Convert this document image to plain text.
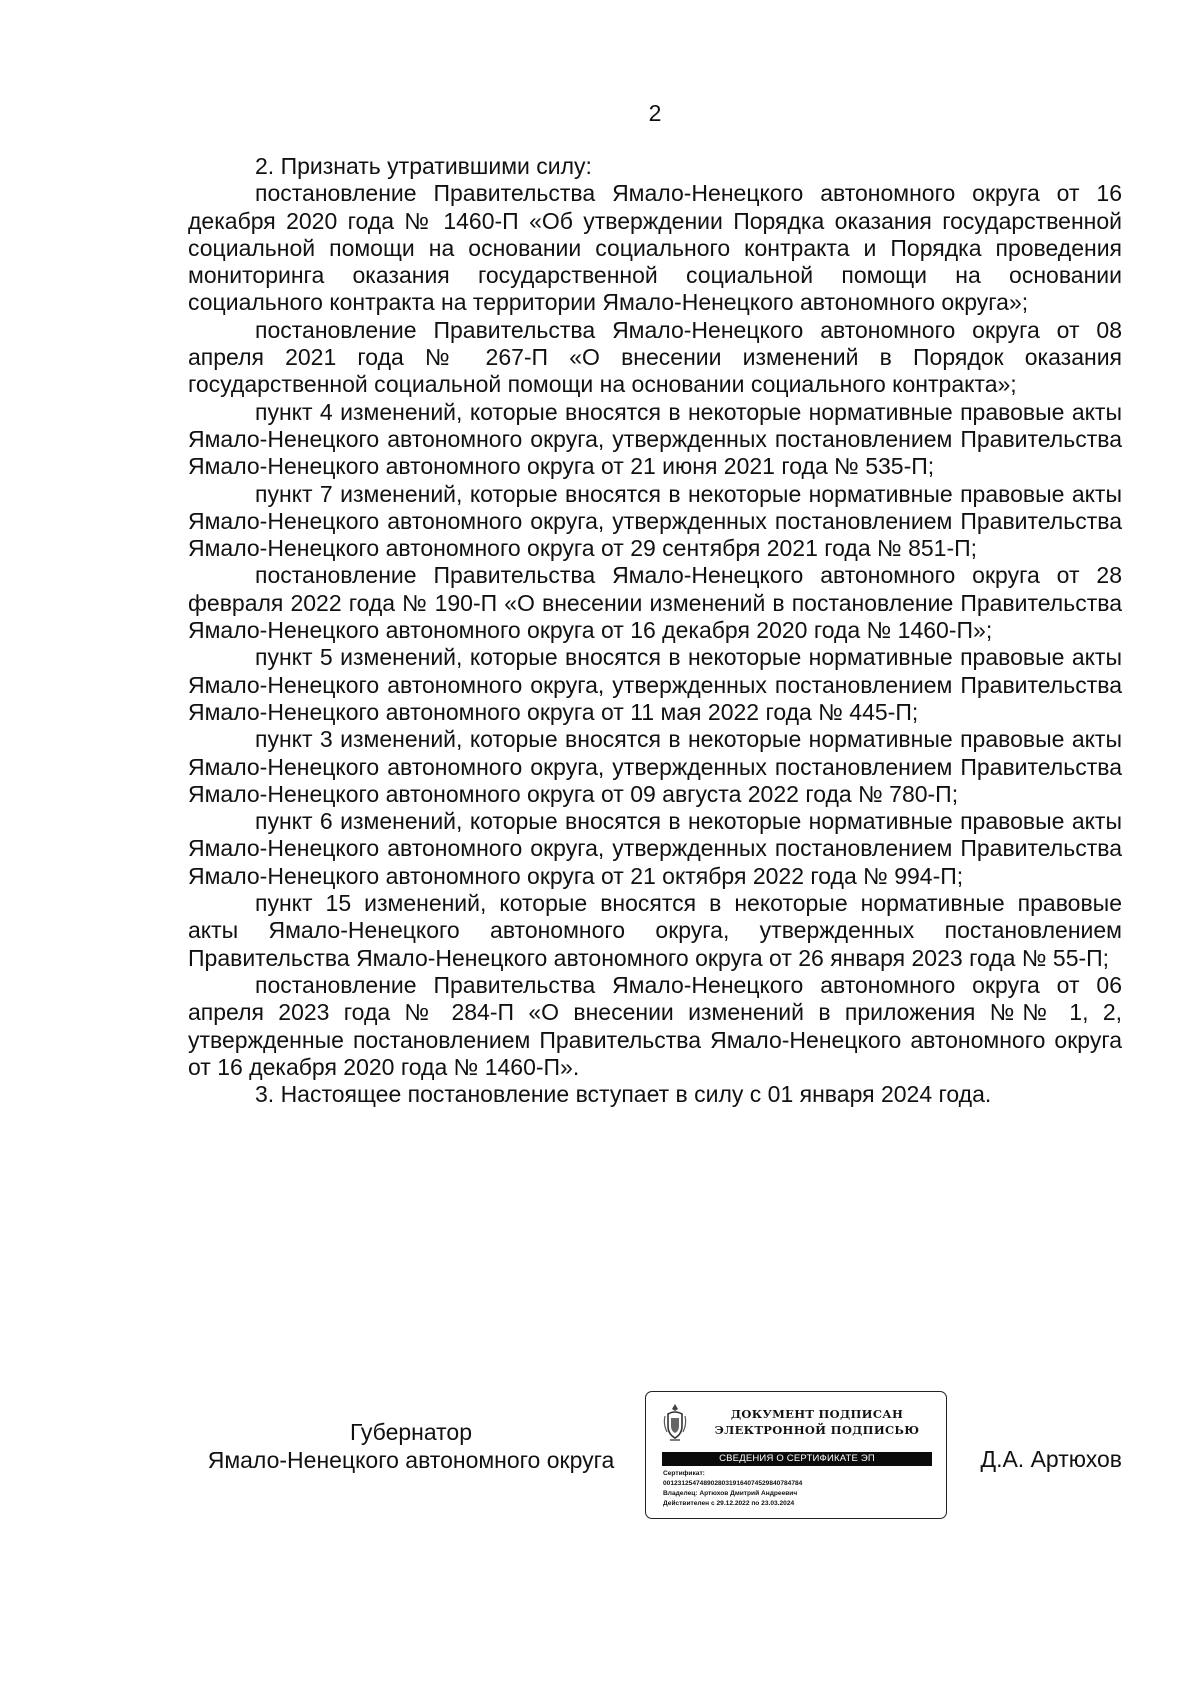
2

2. Признать утратившими силу:

постановление Правительства Ямало-Ненецкого автономного округа от 16 декабря 2020 года № 1460-П «Об утверждении Порядка оказания государственной социальной помощи на основании социального контракта и Порядка проведения мониторинга оказания государственной социальной помощи на основании социального контракта на территории Ямало-Ненецкого автономного округа»;

постановление Правительства Ямало-Ненецкого автономного округа от 08 апреля 2021 года № 267-П «О внесении изменений в Порядок оказания государственной социальной помощи на основании социального контракта»;

пункт 4 изменений, которые вносятся в некоторые нормативные правовые акты Ямало-Ненецкого автономного округа, утвержденных постановлением Правительства Ямало-Ненецкого автономного округа от 21 июня 2021 года № 535-П;

пункт 7 изменений, которые вносятся в некоторые нормативные правовые акты Ямало-Ненецкого автономного округа, утвержденных постановлением Правительства Ямало-Ненецкого автономного округа от 29 сентября 2021 года № 851-П;

постановление Правительства Ямало-Ненецкого автономного округа от 28 февраля 2022 года № 190-П «О внесении изменений в постановление Правительства Ямало-Ненецкого автономного округа от 16 декабря 2020 года № 1460-П»;

пункт 5 изменений, которые вносятся в некоторые нормативные правовые акты Ямало-Ненецкого автономного округа, утвержденных постановлением Правительства Ямало-Ненецкого автономного округа от 11 мая 2022 года № 445-П;

пункт 3 изменений, которые вносятся в некоторые нормативные правовые акты Ямало-Ненецкого автономного округа, утвержденных постановлением Правительства Ямало-Ненецкого автономного округа от 09 августа 2022 года № 780-П;

пункт 6 изменений, которые вносятся в некоторые нормативные правовые акты Ямало-Ненецкого автономного округа, утвержденных постановлением Правительства Ямало-Ненецкого автономного округа от 21 октября 2022 года № 994-П;

пункт 15 изменений, которые вносятся в некоторые нормативные правовые акты Ямало-Ненецкого автономного округа, утвержденных постановлением Правительства Ямало-Ненецкого автономного округа от 26 января 2023 года № 55-П;

постановление Правительства Ямало-Ненецкого автономного округа от 06 апреля 2023 года № 284-П «О внесении изменений в приложения №№ 1, 2, утвержденные постановлением Правительства Ямало-Ненецкого автономного округа от 16 декабря 2020 года № 1460-П».

3. Настоящее постановление вступает в силу с 01 января 2024 года.

Губернатор
Ямало-Ненецкого автономного округа
ДОКУМЕНТ ПОДПИСАН
ЭЛЕКТРОННОЙ ПОДПИСЬЮ
СВЕДЕНИЯ О СЕРТИФИКАТЕ ЭП
Сертификат:
00123125474890280319164074529840784784
Владелец: Артюхов Дмитрий Андреевич
Действителен с 29.12.2022 по 23.03.2024
Д.А. Артюхов
